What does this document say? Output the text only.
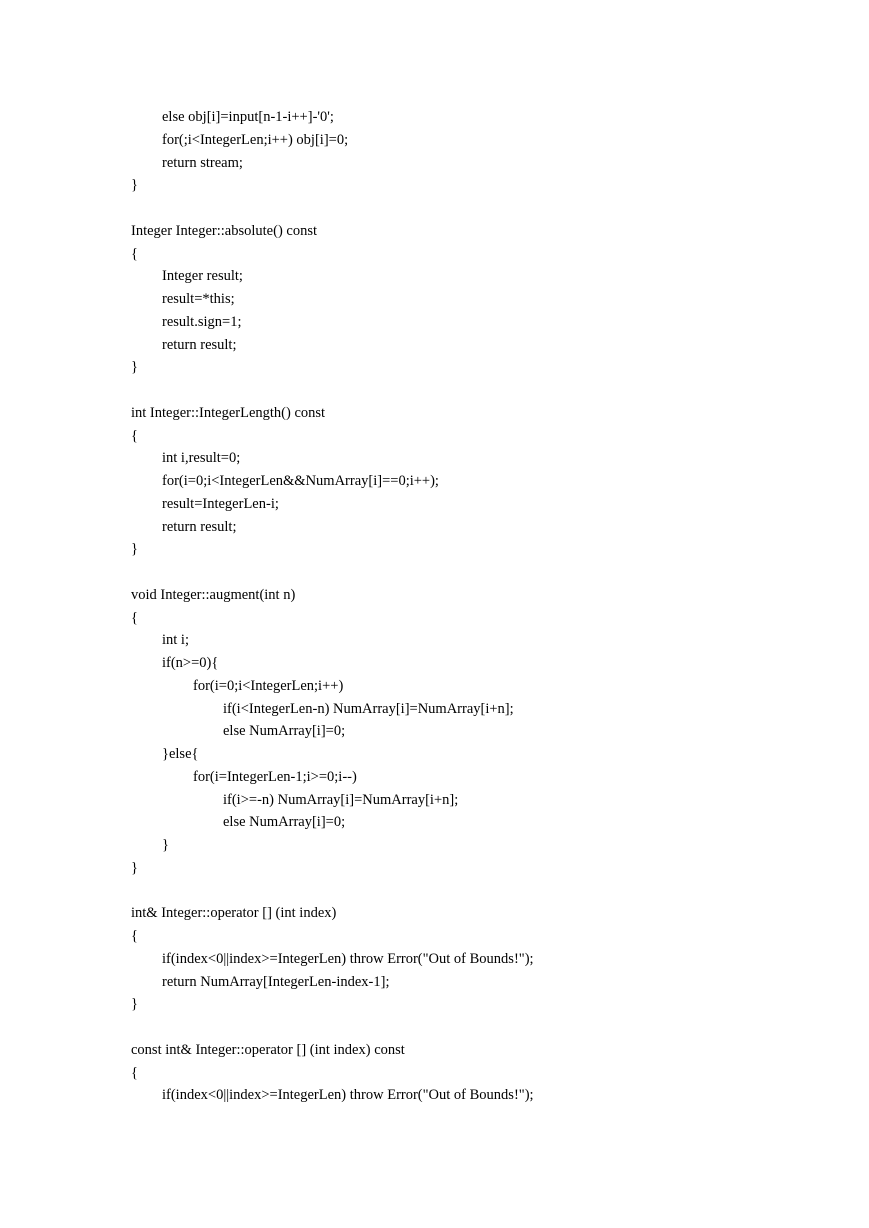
else obj[i]=input[n-1-i++]-'0';
for(;i<IntegerLen;i++) obj[i]=0;
return stream;
}
Integer Integer::absolute() const
{
Integer result;
result=*this;
result.sign=1;
return result;
}
int Integer::IntegerLength() const
{
int i,result=0;
for(i=0;i<IntegerLen&&NumArray[i]==0;i++);
result=IntegerLen-i;
return result;
}
void Integer::augment(int n)
{
int i;
if(n>=0){
for(i=0;i<IntegerLen;i++)
if(i<IntegerLen-n) NumArray[i]=NumArray[i+n];
else NumArray[i]=0;
}else{
for(i=IntegerLen-1;i>=0;i--)
if(i>=-n) NumArray[i]=NumArray[i+n];
else NumArray[i]=0;
}
}
int& Integer::operator [] (int index)
{
if(index<0||index>=IntegerLen) throw Error("Out of Bounds!");
return NumArray[IntegerLen-index-1];
}
const int& Integer::operator [] (int index) const
{
if(index<0||index>=IntegerLen) throw Error("Out of Bounds!");
